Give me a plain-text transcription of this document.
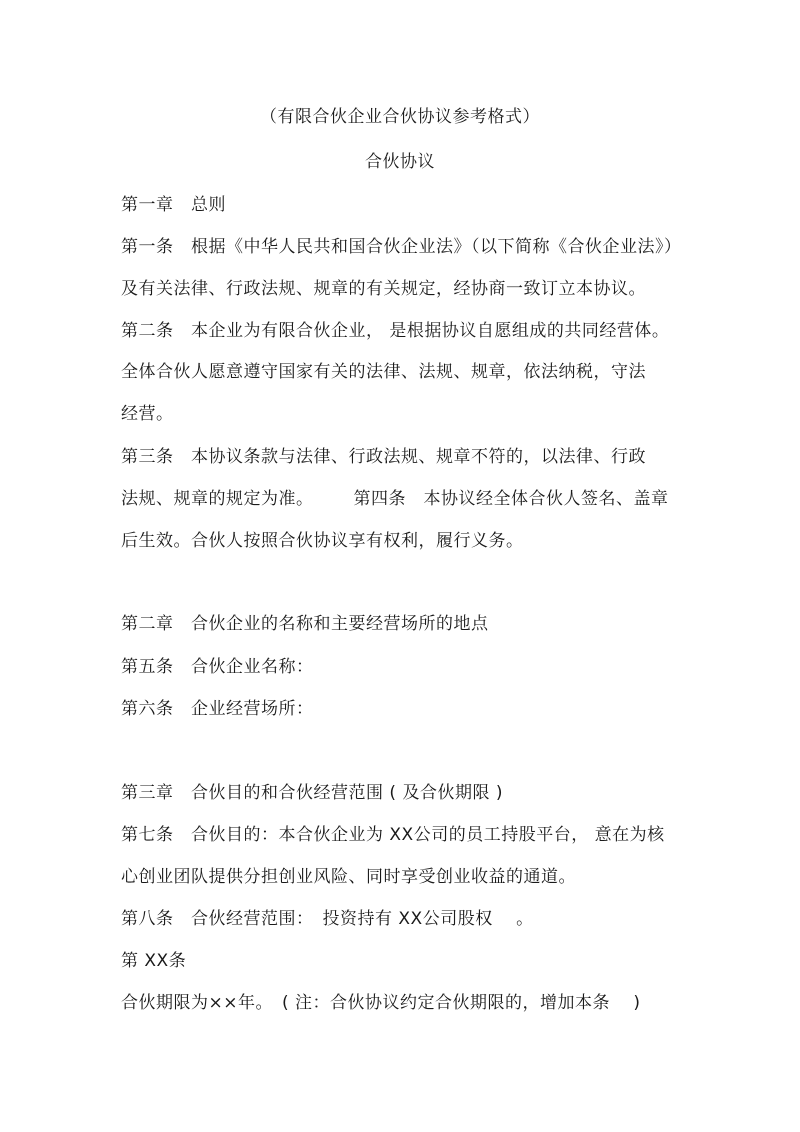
（有限合伙企业合伙协议参考格式）
合伙协议
第一章　总则
第一条　根据《中华人民共和国合伙企业法》（以下简称《合伙企业法》）
及有关法律、行政法规、规章的有关规定，经协商一致订立本协议。
第二条　本企业为有限合伙企业， 是根据协议自愿组成的共同经营体。
全体合伙人愿意遵守国家有关的法律、法规、规章，依法纳税，守法
经营。
第三条　本协议条款与法律、行政法规、规章不符的，以法律、行政
法规、规章的规定为准。 第四条　本协议经全体合伙人签名、盖章
后生效。合伙人按照合伙协议享有权利，履行义务。
第二章　合伙企业的名称和主要经营场所的地点
第五条　合伙企业名称：
第六条　企业经营场所：
第三章　合伙目的和合伙经营范围 ( 及合伙期限 )
第七条　合伙目的：本合伙企业为 XX公司的员工持股平台， 意在为核
心创业团队提供分担创业风险、同时享受创业收益的通道。
第八条　合伙经营范围：　投资持有 XX公司股权　 。
第 XX条
合伙期限为××年。　( 注：合伙协议约定合伙期限的，增加本条　 )
